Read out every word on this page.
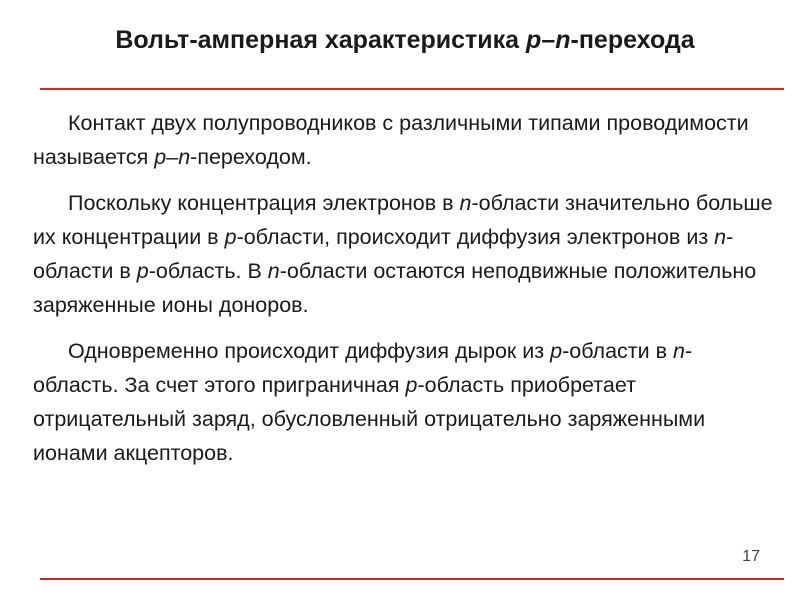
Вольт-амперная характеристика p–n-перехода

Контакт двух полупроводников с различными типами проводимости называется p–n-переходом.

Поскольку концентрация электронов в n-области значительно больше их концентрации в p-области, происходит диффузия электронов из n-области в p-область. В n-области остаются неподвижные положительно заряженные ионы доноров.

Одновременно происходит диффузия дырок из p-области в n-область. За счет этого приграничная p-область приобретает отрицательный заряд, обусловленный отрицательно заряженными ионами акцепторов.

17
